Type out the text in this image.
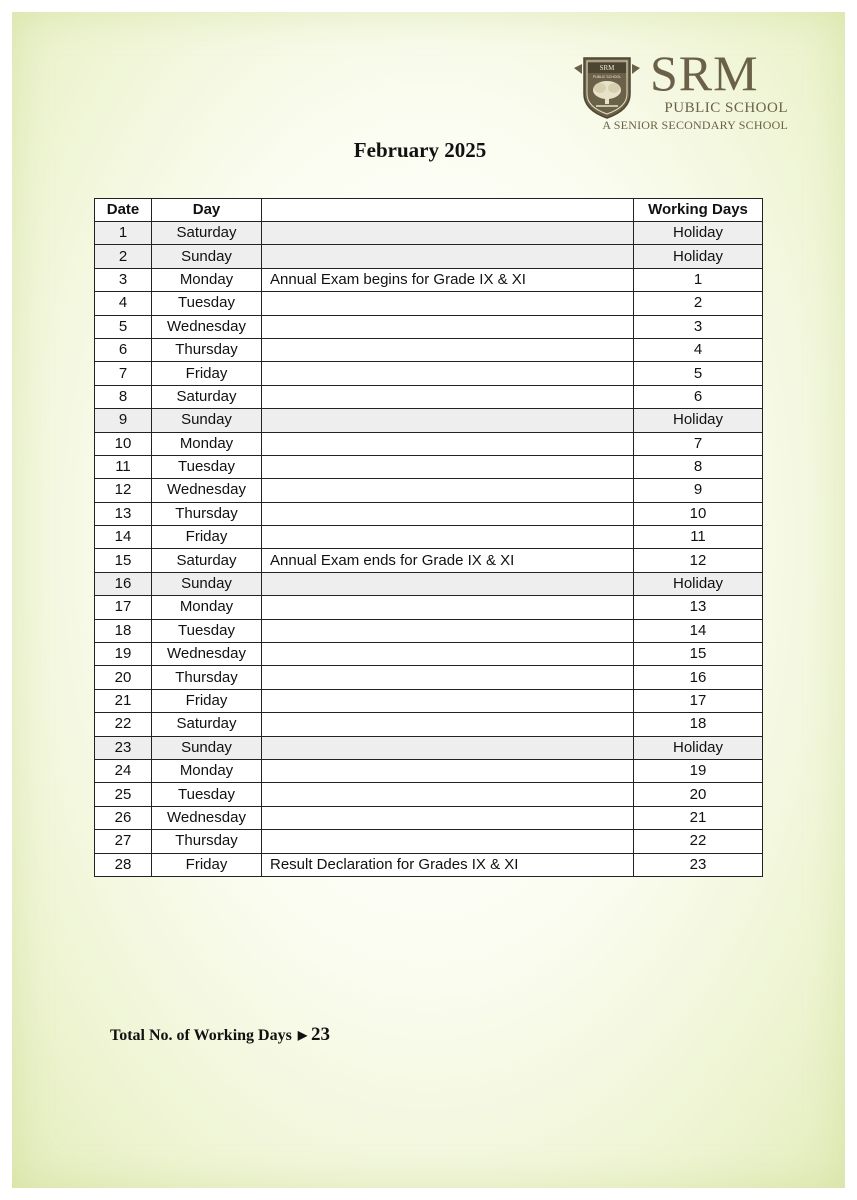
SRM
PUBLIC SCHOOL SRM
PUBLIC SCHOOL
A SENIOR SECONDARY SCHOOL
February 2025
Date	Day		Working Days
1	Saturday		Holiday
2	Sunday		Holiday
3	Monday	Annual Exam begins for Grade IX & XI	1
4	Tuesday		2
5	Wednesday		3
6	Thursday		4
7	Friday		5
8	Saturday		6
9	Sunday		Holiday
10	Monday		7
11	Tuesday		8
12	Wednesday		9
13	Thursday		10
14	Friday		11
15	Saturday	Annual Exam ends for Grade IX & XI	12
16	Sunday		Holiday
17	Monday		13
18	Tuesday		14
19	Wednesday		15
20	Thursday		16
21	Friday		17
22	Saturday		18
23	Sunday		Holiday
24	Monday		19
25	Tuesday		20
26	Wednesday		21
27	Thursday		22
28	Friday	Result Declaration for Grades IX & XI	23
Total No. of Working Days ▶ 23
